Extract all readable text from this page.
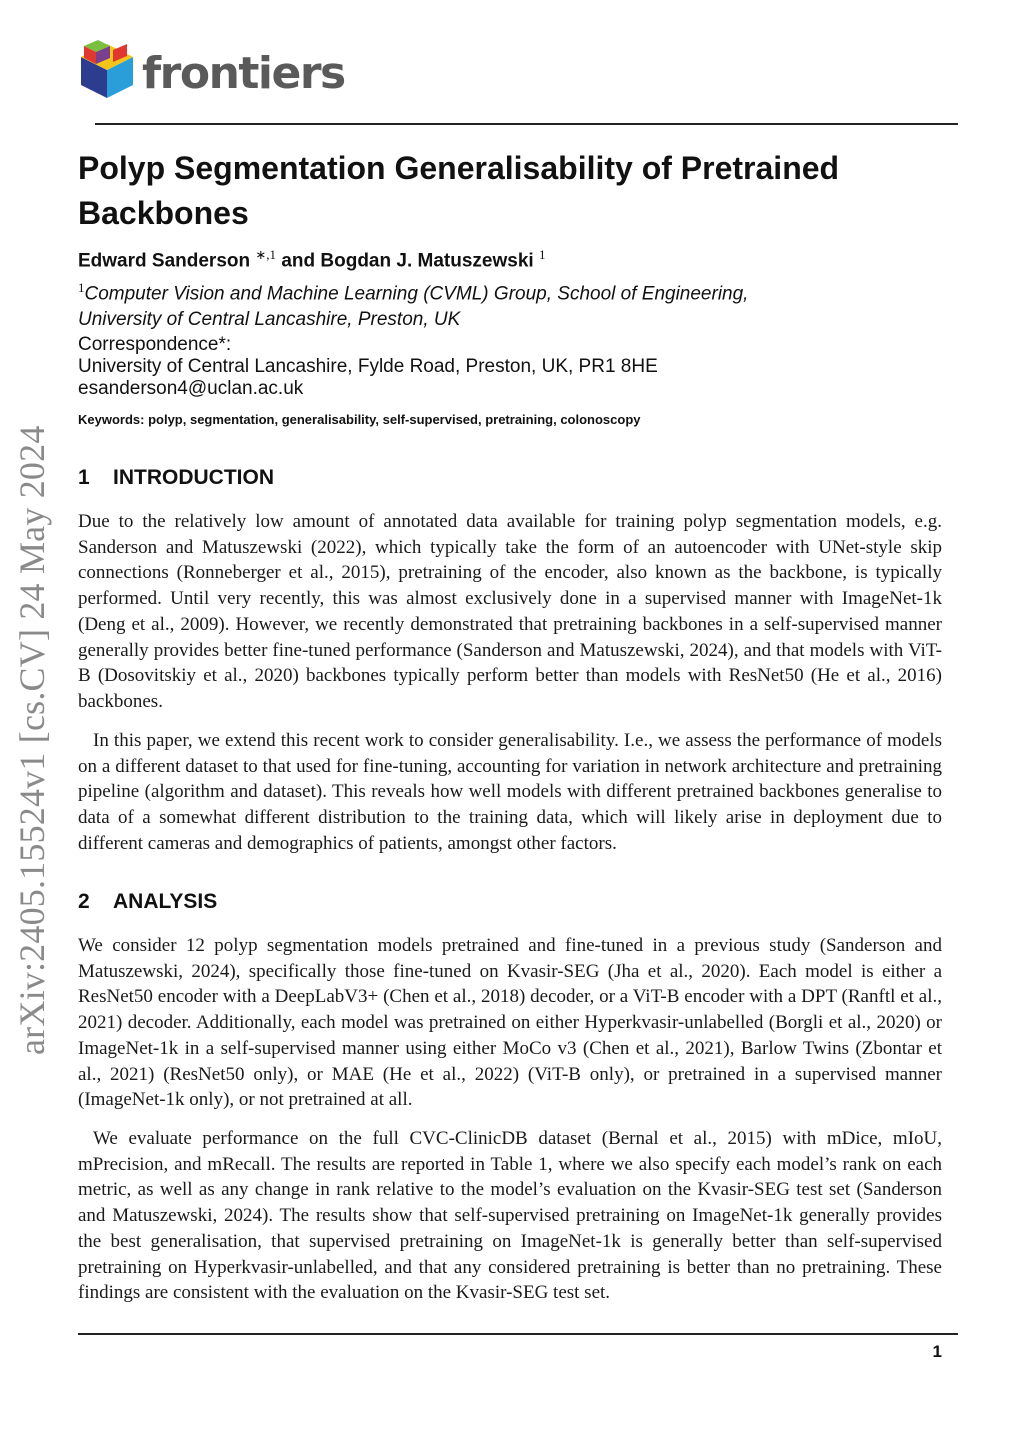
frontiers
arXiv:2405.15524v1 [cs.CV] 24 May 2024
Polyp Segmentation Generalisability of Pretrained Backbones
Edward Sanderson $^{∗,1}$ and Bogdan J. Matuszewski $^1$
$^1$Computer Vision and Machine Learning (CVML) Group, School of Engineering,
University of Central Lancashire, Preston, UK
Correspondence*:
University of Central Lancashire, Fylde Road, Preston, UK, PR1 8HE
esanderson4@uclan.ac.uk
Keywords: polyp, segmentation, generalisability, self-supervised, pretraining, colonoscopy
1 INTRODUCTION

Due to the relatively low amount of annotated data available for training polyp segmentation models, e.g. Sanderson and Matuszewski (2022), which typically take the form of an autoencoder with UNet-style skip connections (Ronneberger et al., 2015), pretraining of the encoder, also known as the backbone, is typically performed. Until very recently, this was almost exclusively done in a supervised manner with ImageNet-1k (Deng et al., 2009). However, we recently demonstrated that pretraining backbones in a self-supervised manner generally provides better fine-tuned performance (Sanderson and Matuszewski, 2024), and that models with ViT-B (Dosovitskiy et al., 2020) backbones typically perform better than models with ResNet50 (He et al., 2016) backbones.

In this paper, we extend this recent work to consider generalisability. I.e., we assess the performance of models on a different dataset to that used for fine-tuning, accounting for variation in network architecture and pretraining pipeline (algorithm and dataset). This reveals how well models with different pretrained backbones generalise to data of a somewhat different distribution to the training data, which will likely arise in deployment due to different cameras and demographics of patients, amongst other factors.

2 ANALYSIS

We consider 12 polyp segmentation models pretrained and fine-tuned in a previous study (Sanderson and Matuszewski, 2024), specifically those fine-tuned on Kvasir-SEG (Jha et al., 2020). Each model is either a ResNet50 encoder with a DeepLabV3+ (Chen et al., 2018) decoder, or a ViT-B encoder with a DPT (Ranftl et al., 2021) decoder. Additionally, each model was pretrained on either Hyperkvasir-unlabelled (Borgli et al., 2020) or ImageNet-1k in a self-supervised manner using either MoCo v3 (Chen et al., 2021), Barlow Twins (Zbontar et al., 2021) (ResNet50 only), or MAE (He et al., 2022) (ViT-B only), or pretrained in a supervised manner (ImageNet-1k only), or not pretrained at all.

We evaluate performance on the full CVC-ClinicDB dataset (Bernal et al., 2015) with mDice, mIoU, mPrecision, and mRecall. The results are reported in Table 1, where we also specify each model’s rank on each metric, as well as any change in rank relative to the model’s evaluation on the Kvasir-SEG test set (Sanderson and Matuszewski, 2024). The results show that self-supervised pretraining on ImageNet-1k generally provides the best generalisation, that supervised pretraining on ImageNet-1k is generally better than self-supervised pretraining on Hyperkvasir-unlabelled, and that any considered pretraining is better than no pretraining. These findings are consistent with the evaluation on the Kvasir-SEG test set.

1
